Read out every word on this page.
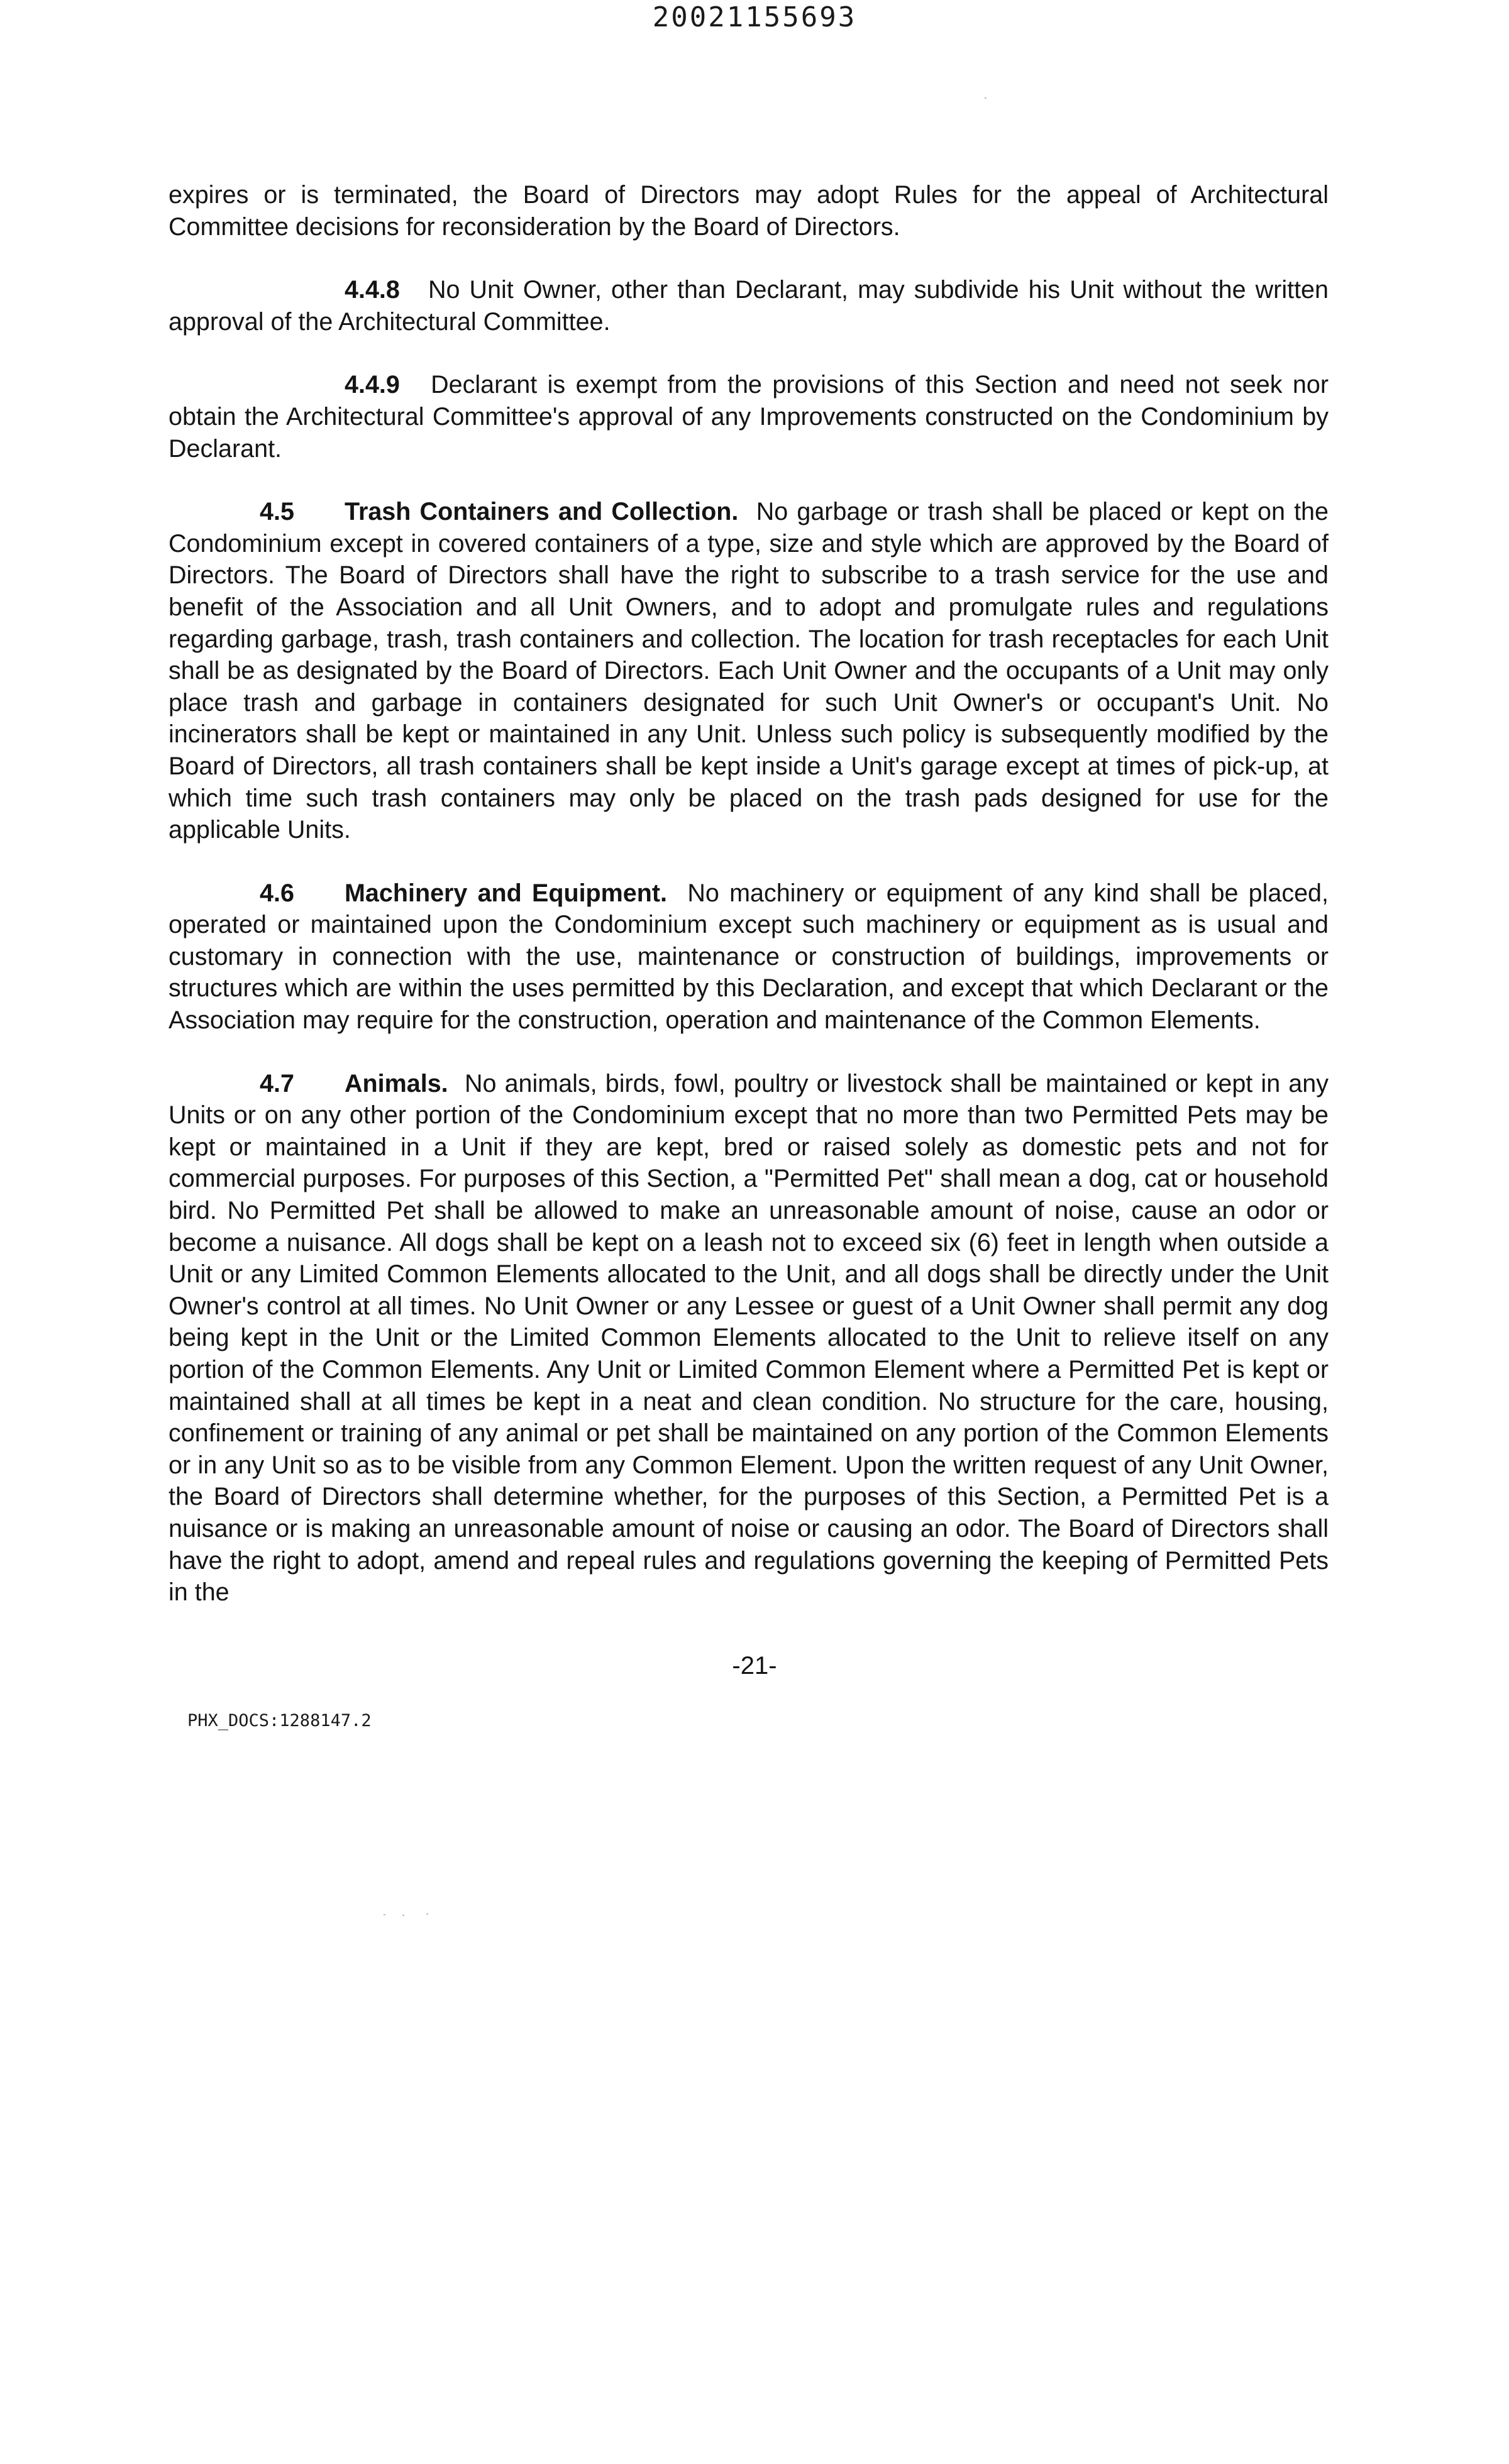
20021155693

expires or is terminated, the Board of Directors may adopt Rules for the appeal of Architectural Committee decisions for reconsideration by the Board of Directors.

4.4.8 No Unit Owner, other than Declarant, may subdivide his Unit without the written approval of the Architectural Committee.

4.4.9 Declarant is exempt from the provisions of this Section and need not seek nor obtain the Architectural Committee's approval of any Improvements constructed on the Condominium by Declarant.

4.5 Trash Containers and Collection. No garbage or trash shall be placed or kept on the Condominium except in covered containers of a type, size and style which are approved by the Board of Directors. The Board of Directors shall have the right to subscribe to a trash service for the use and benefit of the Association and all Unit Owners, and to adopt and promulgate rules and regulations regarding garbage, trash, trash containers and collection. The location for trash receptacles for each Unit shall be as designated by the Board of Directors. Each Unit Owner and the occupants of a Unit may only place trash and garbage in containers designated for such Unit Owner's or occupant's Unit. No incinerators shall be kept or maintained in any Unit. Unless such policy is subsequently modified by the Board of Directors, all trash containers shall be kept inside a Unit's garage except at times of pick-up, at which time such trash containers may only be placed on the trash pads designed for use for the applicable Units.

4.6 Machinery and Equipment. No machinery or equipment of any kind shall be placed, operated or maintained upon the Condominium except such machinery or equipment as is usual and customary in connection with the use, maintenance or construction of buildings, improvements or structures which are within the uses permitted by this Declaration, and except that which Declarant or the Association may require for the construction, operation and maintenance of the Common Elements.

4.7 Animals. No animals, birds, fowl, poultry or livestock shall be maintained or kept in any Units or on any other portion of the Condominium except that no more than two Permitted Pets may be kept or maintained in a Unit if they are kept, bred or raised solely as domestic pets and not for commercial purposes. For purposes of this Section, a "Permitted Pet" shall mean a dog, cat or household bird. No Permitted Pet shall be allowed to make an unreasonable amount of noise, cause an odor or become a nuisance. All dogs shall be kept on a leash not to exceed six (6) feet in length when outside a Unit or any Limited Common Elements allocated to the Unit, and all dogs shall be directly under the Unit Owner's control at all times. No Unit Owner or any Lessee or guest of a Unit Owner shall permit any dog being kept in the Unit or the Limited Common Elements allocated to the Unit to relieve itself on any portion of the Common Elements. Any Unit or Limited Common Element where a Permitted Pet is kept or maintained shall at all times be kept in a neat and clean condition. No structure for the care, housing, confinement or training of any animal or pet shall be maintained on any portion of the Common Elements or in any Unit so as to be visible from any Common Element. Upon the written request of any Unit Owner, the Board of Directors shall determine whether, for the purposes of this Section, a Permitted Pet is a nuisance or is making an unreasonable amount of noise or causing an odor. The Board of Directors shall have the right to adopt, amend and repeal rules and regulations governing the keeping of Permitted Pets in the

-21-
PHX_DOCS:1288147.2
